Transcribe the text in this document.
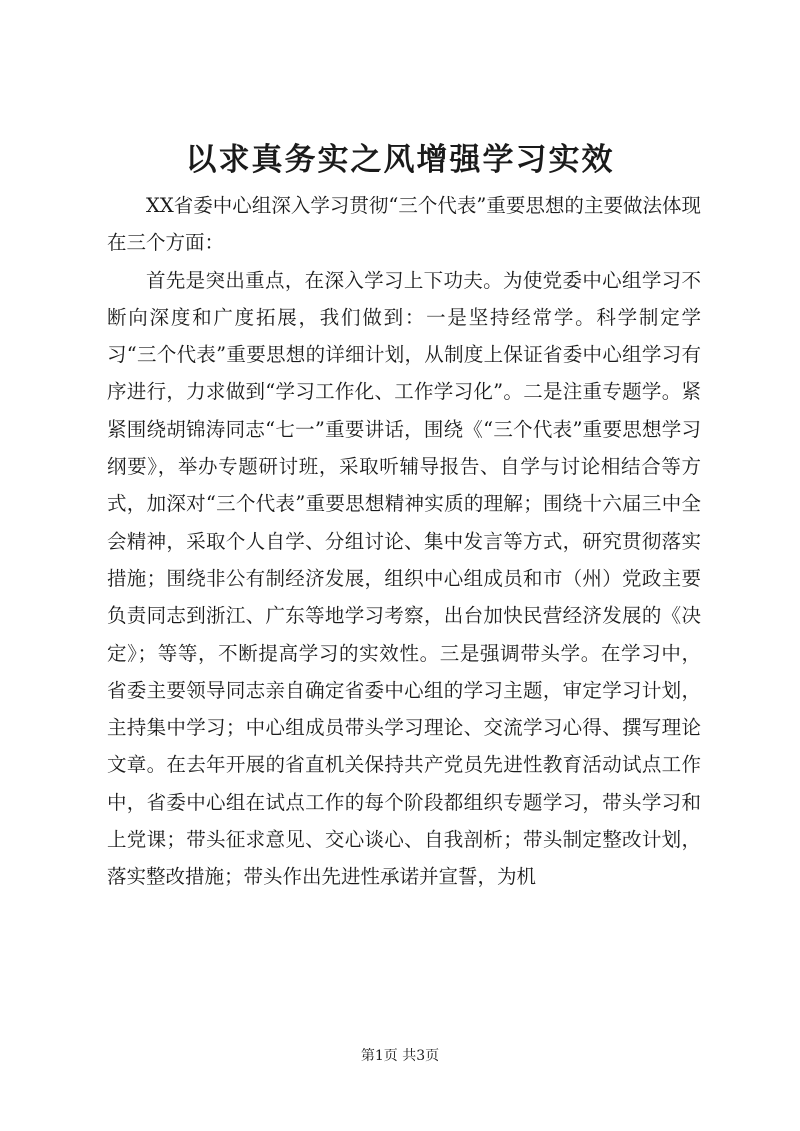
以求真务实之风增强学习实效

XX省委中心组深入学习贯彻“三个代表”重要思想的主要做法体现在三个方面：

首先是突出重点，在深入学习上下功夫。为使党委中心组学习不断向深度和广度拓展，我们做到：一是坚持经常学。科学制定学习“三个代表”重要思想的详细计划，从制度上保证省委中心组学习有序进行，力求做到“学习工作化、工作学习化”。二是注重专题学。紧紧围绕胡锦涛同志“七一”重要讲话，围绕《“三个代表”重要思想学习纲要》，举办专题研讨班，采取听辅导报告、自学与讨论相结合等方式，加深对“三个代表”重要思想精神实质的理解；围绕十六届三中全会精神，采取个人自学、分组讨论、集中发言等方式，研究贯彻落实措施；围绕非公有制经济发展，组织中心组成员和市（州）党政主要负责同志到浙江、广东等地学习考察，出台加快民营经济发展的《决定》；等等，不断提高学习的实效性。三是强调带头学。在学习中，省委主要领导同志亲自确定省委中心组的学习主题，审定学习计划，主持集中学习；中心组成员带头学习理论、交流学习心得、撰写理论文章。在去年开展的省直机关保持共产党员先进性教育活动试点工作中，省委中心组在试点工作的每个阶段都组织专题学习，带头学习和上党课；带头征求意见、交心谈心、自我剖析；带头制定整改计划，落实整改措施；带头作出先进性承诺并宣誓，为机

第1页 共3页
